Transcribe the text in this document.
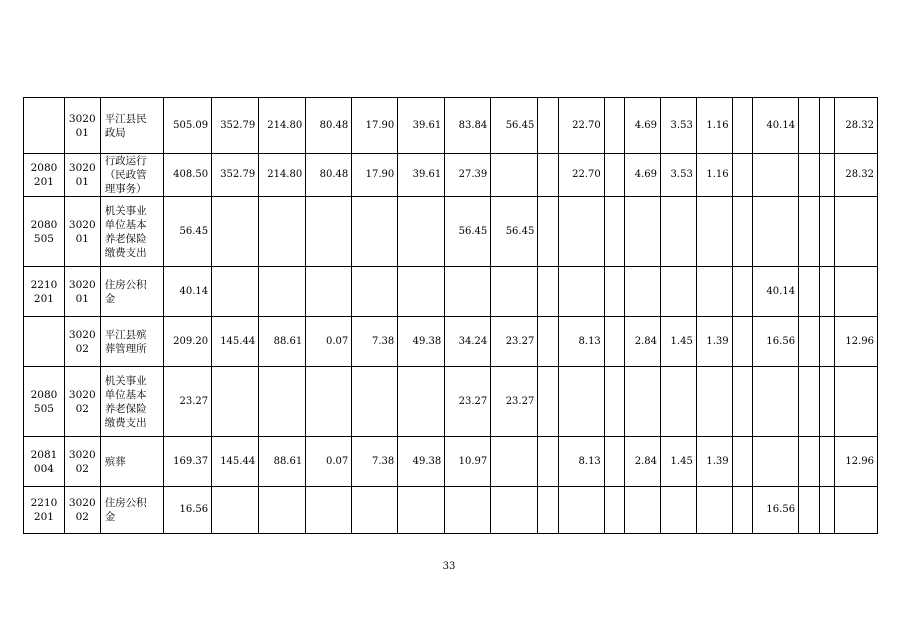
	3020
01	平江县民
政局	505.09	352.79	214.80	80.48	17.90	39.61	83.84	56.45		22.70		4.69	3.53	1.16		40.14			28.32
2080
201	3020
01	行政运行
（民政管
理事务）	408.50	352.79	214.80	80.48	17.90	39.61	27.39			22.70		4.69	3.53	1.16					28.32
2080
505	3020
01	机关事业
单位基本
养老保险
缴费支出	56.45						56.45	56.45											
2210
201	3020
01	住房公积
金	40.14															40.14			
	3020
02	平江县殡
葬管理所	209.20	145.44	88.61	0.07	7.38	49.38	34.24	23.27		8.13		2.84	1.45	1.39		16.56			12.96
2080
505	3020
02	机关事业
单位基本
养老保险
缴费支出	23.27						23.27	23.27											
2081
004	3020
02	殡葬	169.37	145.44	88.61	0.07	7.38	49.38	10.97			8.13		2.84	1.45	1.39					12.96
2210
201	3020
02	住房公积
金	16.56															16.56			
33
